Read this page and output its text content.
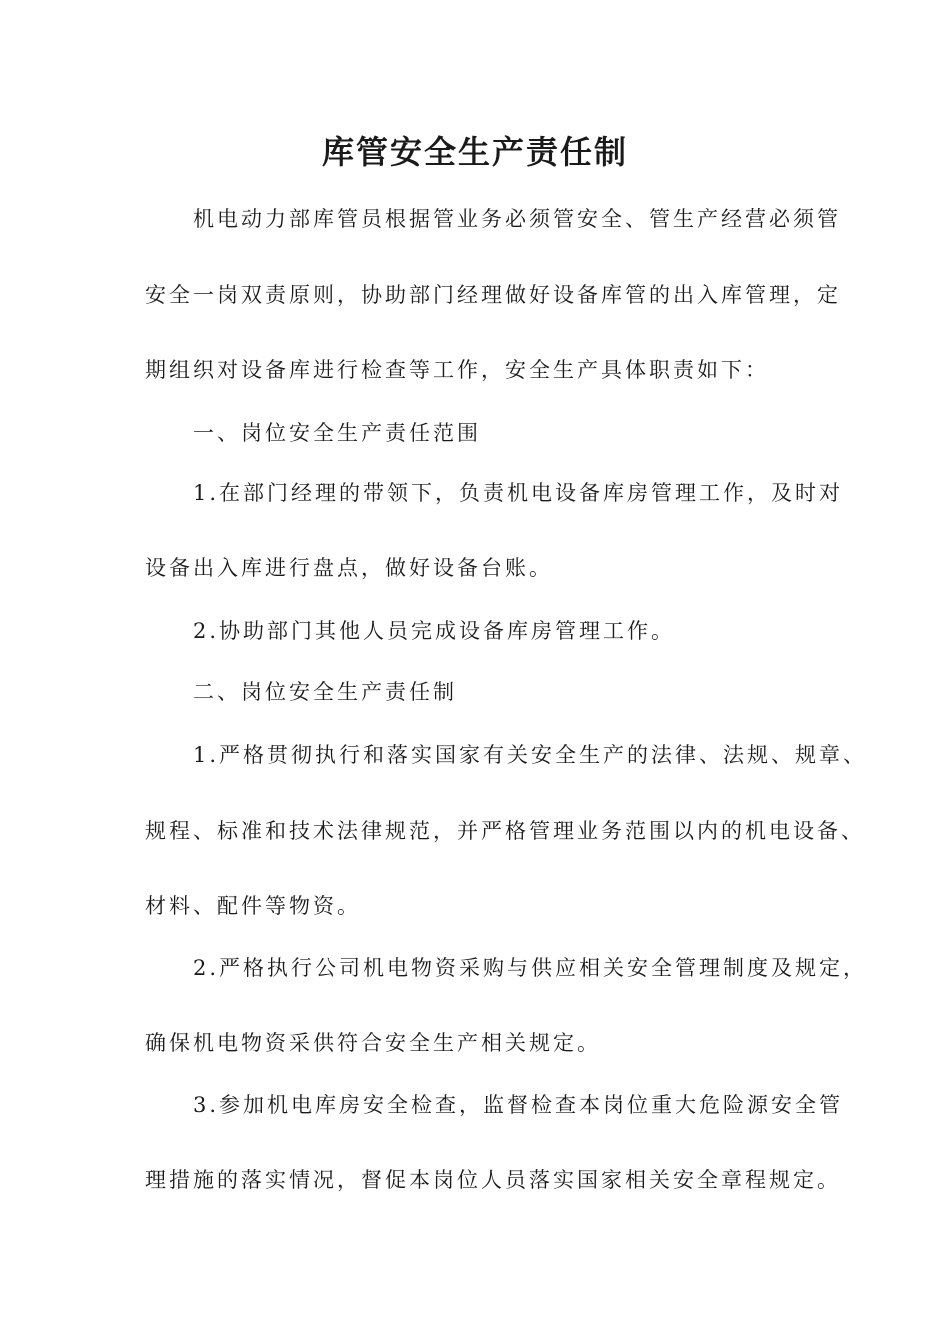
库管安全生产责任制
机电动力部库管员根据管业务必须管安全、管生产经营必须管
安全一岗双责原则，协助部门经理做好设备库管的出入库管理，定
期组织对设备库进行检查等工作，安全生产具体职责如下：
一、岗位安全生产责任范围
1.在部门经理的带领下，负责机电设备库房管理工作，及时对
设备出入库进行盘点，做好设备台账。
2.协助部门其他人员完成设备库房管理工作。
二、岗位安全生产责任制
1.严格贯彻执行和落实国家有关安全生产的法律、法规、规章、
规程、标准和技术法律规范，并严格管理业务范围以内的机电设备、
材料、配件等物资。
2.严格执行公司机电物资采购与供应相关安全管理制度及规定，
确保机电物资采供符合安全生产相关规定。
3.参加机电库房安全检查，监督检查本岗位重大危险源安全管
理措施的落实情况，督促本岗位人员落实国家相关安全章程规定。
